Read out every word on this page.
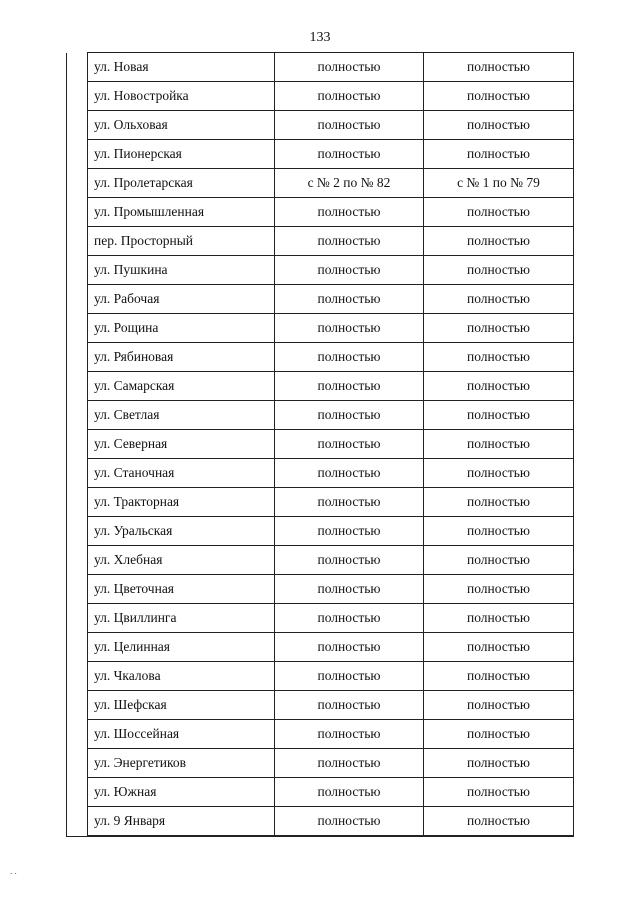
133
	ул. Новая	полностью	полностью
	ул. Новостройка	полностью	полностью
	ул. Ольховая	полностью	полностью
	ул. Пионерская	полностью	полностью
	ул. Пролетарская	с № 2 по № 82	с № 1 по № 79
	ул. Промышленная	полностью	полностью
	пер. Просторный	полностью	полностью
	ул. Пушкина	полностью	полностью
	ул. Рабочая	полностью	полностью
	ул. Рощина	полностью	полностью
	ул. Рябиновая	полностью	полностью
	ул. Самарская	полностью	полностью
	ул. Светлая	полностью	полностью
	ул. Северная	полностью	полностью
	ул. Станочная	полностью	полностью
	ул. Тракторная	полностью	полностью
	ул. Уральская	полностью	полностью
	ул. Хлебная	полностью	полностью
	ул. Цветочная	полностью	полностью
	ул. Цвиллинга	полностью	полностью
	ул. Целинная	полностью	полностью
	ул. Чкалова	полностью	полностью
	ул. Шефская	полностью	полностью
	ул. Шоссейная	полностью	полностью
	ул. Энергетиков	полностью	полностью
	ул. Южная	полностью	полностью
	ул. 9 Января	полностью	полностью
. .
